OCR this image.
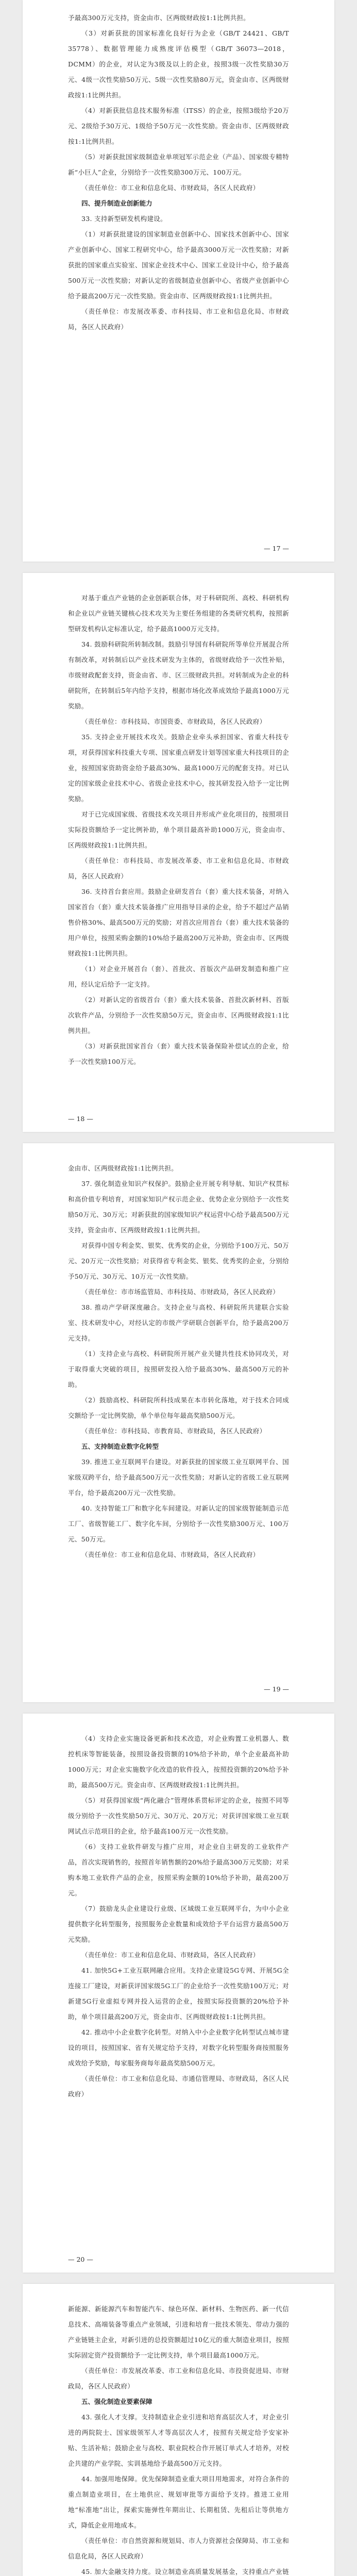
予最高300万元支持，资金由市、区两级财政按1:1比例共担。

（3）对新获批的国家标准化良好行为企业（GB/T 24421、GB/T 35778）、数据管理能力成熟度评估模型（GB/T 36073—2018，DCMM）的企业，对认定为3级及以上的企业，按照3级一次性奖励30万元、4级一次性奖励50万元、5级一次性奖励80万元，资金由市、区两级财政按1:1比例共担。

（4）对新获批信息技术服务标准（ITSS）的企业，按照3级给予20万元、2级给予30万元、1级给予50万元一次性奖励。资金由市、区两级财政按1:1比例共担。

（5）对新获批国家级制造业单项冠军示范企业（产品）、国家级专精特新“小巨人”企业，分别给予一次性奖励300万元、100万元。

（责任单位：市工业和信息化局、市财政局，各区人民政府）

四、提升制造业创新能力

33. 支持新型研发机构建设。

（1）对新获批建设的国家制造业创新中心、国家技术创新中心、国家产业创新中心、国家工程研究中心，给予最高3000万元一次性奖励；对新获批的国家重点实验室、国家企业技术中心、国家工业设计中心，给予最高500万元一次性奖励；对新认定的省级制造业创新中心、省级产业创新中心给予最高200万元一次性奖励。资金由市、区两级财政按1:1比例共担。

（责任单位：市发展改革委、市科技局、市工业和信息化局、市财政局，各区人民政府）

— 17 —

对基于重点产业链的企业创新联合体，对于科研院所、高校、科研机构和企业以产业链关键核心技术攻关为主要任务组建的各类研究机构，按照新型研发机构认定标准认定，给予最高1000万元支持。

34. 鼓励科研院所转制改制。鼓励引导国有科研院所等单位开展混合所有制改革，对转制后以产业技术研发为主体的，省级财政给予一次性补贴，市级财政配套支持，资金由省、市、区三级财政共担。对转制成为企业的科研院所，在转制后5年内给予支持，根据市场化改革成效给予最高1000万元奖励。

（责任单位：市科技局、市国资委、市财政局，各区人民政府）

35. 支持企业开展技术攻关。鼓励企业牵头承担国家、省重大科技专项，对获得国家科技重大专项、国家重点研发计划等国家重大科技项目的企业，按照国家资助资金给予最高30%、最高1000万元的配套支持。对已认定的国家级企业技术中心、省级企业技术中心，按其研发投入给予一定比例奖励。

对于已完成国家级、省级技术攻关项目并形成产业化项目的，按照项目实际投资额给予一定比例补助，单个项目最高补助1000万元，资金由市、区两级财政按1:1比例共担。

（责任单位：市科技局、市发展改革委、市工业和信息化局、市财政局，各区人民政府）

36. 支持首台套应用。鼓励企业研发首台（套）重大技术装备，对纳入国家首台（套）重大技术装备推广应用指导目录的企业，给予不超过产品销售价格30%、最高500万元的奖励；对首次应用首台（套）重大技术装备的用户单位，按照采购金额的10%给予最高200万元补助，资金由市、区两级财政按1:1比例共担。

（1）对企业开展首台（套）、首批次、首版次产品研发制造和推广应用，经认定后给予一定支持。

（2）对新认定的省级首台（套）重大技术装备、首批次新材料、首版次软件产品，分别给予一次性奖励50万元，资金由市、区两级财政按1:1比例共担。

（3）对新获批国家首台（套）重大技术装备保险补偿试点的企业，给予一次性奖励100万元。

— 18 —

金由市、区两级财政按1:1比例共担。

37. 强化制造业知识产权保护。鼓励企业开展专利导航、知识产权贯标和高价值专利培育，对国家知识产权示范企业、优势企业分别给予一次性奖励50万元、30万元；对新获批的国家级知识产权运营中心给予最高500万元支持，资金由市、区两级财政按1:1比例共担。

对获得中国专利金奖、银奖、优秀奖的企业，分别给予100万元、50万元、20万元一次性奖励；对获得省专利金奖、银奖、优秀奖的企业，分别给予50万元、30万元、10万元一次性奖励。

（责任单位：市市场监管局、市科技局、市财政局，各区人民政府）

38. 推动产学研深度融合。支持企业与高校、科研院所共建联合实验室、技术研发中心，对经认定的市级产学研联合创新平台，给予最高200万元支持。

（1）支持企业与高校、科研院所开展产业关键共性技术协同攻关，对于取得重大突破的项目，按照研发投入给予最高30%、最高500万元的补助。

（2）鼓励高校、科研院所科技成果在本市转化落地，对于技术合同成交额给予一定比例奖励，单个单位每年最高奖励500万元。

（责任单位：市科技局、市教育局、市财政局，各区人民政府）

五、支持制造业数字化转型

39. 推进工业互联网平台建设。对新获批的国家级工业互联网平台、国家级双跨平台，给予最高500万元一次性奖励；对新认定的省级工业互联网平台，给予最高200万元一次性奖励。

40. 支持智能工厂和数字化车间建设。对新认定的国家级智能制造示范工厂、省级智能工厂、数字化车间，分别给予一次性奖励300万元、100万元、50万元。

（责任单位：市工业和信息化局、市财政局，各区人民政府）

— 19 —

（4）支持企业实施设备更新和技术改造，对企业购置工业机器人、数控机床等智能装备，按照设备投资额的10%给予补助，单个企业最高补助1000万元；对企业实施数字化改造的软件投入，按照投资额的20%给予补助，最高500万元。资金由市、区两级财政按1:1比例共担。

（5）对获得国家级“两化融合”管理体系贯标评定的企业，按照不同等级分别给予一次性奖励50万元、30万元、20万元；对获评国家级工业互联网试点示范项目的企业，给予最高100万元一次性奖励。

（6）支持工业软件研发与推广应用，对企业自主研发的工业软件产品，首次实现销售的，按照首年销售额的20%给予最高300万元奖励；对采购本地工业软件产品的企业，按照采购金额的10%给予补助，最高200万元。

（7）鼓励龙头企业建设行业级、区域级工业互联网平台，为中小企业提供数字化转型服务，按照服务企业数量和成效给予平台运营方最高500万元奖励。

（责任单位：市工业和信息化局、市财政局，各区人民政府）

41. 加快5G+工业互联网融合应用。支持企业建设5G专网、开展5G全连接工厂建设，对新获评国家级5G工厂的企业给予一次性奖励100万元；对新建5G行业虚拟专网并投入运营的企业，按照实际投资额的20%给予补助，单个项目最高200万元，资金由市、区两级财政按1:1比例共担。

42. 推动中小企业数字化转型。对纳入中小企业数字化转型试点城市建设的项目，按照国家、省有关规定给予支持，对数字化转型服务商按照服务成效给予奖励，每家服务商每年最高奖励500万元。

（责任单位：市工业和信息化局、市通信管理局、市财政局，各区人民政府）

— 20 —

新能源、新能源汽车和智能汽车、绿色环保、新材料、生物医药、新一代信息技术、高端装备等重点产业领域，引进和培育一批技术领先、带动力强的产业链链主企业，对新引进的总投资额超过10亿元的重大制造业项目，按照实际固定资产投资额给予一定比例支持，单个项目最高1000万元。

（责任单位：市发展改革委、市工业和信息化局、市投资促进局、市财政局，各区人民政府）

五、强化制造业要素保障

43. 强化人才支撑。支持制造业企业引进和培育高层次人才，对企业引进的两院院士、国家级领军人才等高层次人才，按照有关规定给予安家补贴、生活补贴；鼓励企业与高校、职业院校合作开展订单式人才培养，对校企共建的产业学院、实训基地给予最高500万元支持。

44. 加强用地保障。优先保障制造业重大项目用地需求，对符合条件的重点制造业项目，在土地供应、规划审批等方面给予支持。推进工业用地“标准地”出让，探索实施弹性年期出让、长期租赁、先租后让等供地方式，降低企业用地成本。

（责任单位：市自然资源和规划局、市人力资源社会保障局、市工业和信息化局，各区人民政府）

45. 加大金融支持力度。设立制造业高质量发展基金，支持重点产业链
